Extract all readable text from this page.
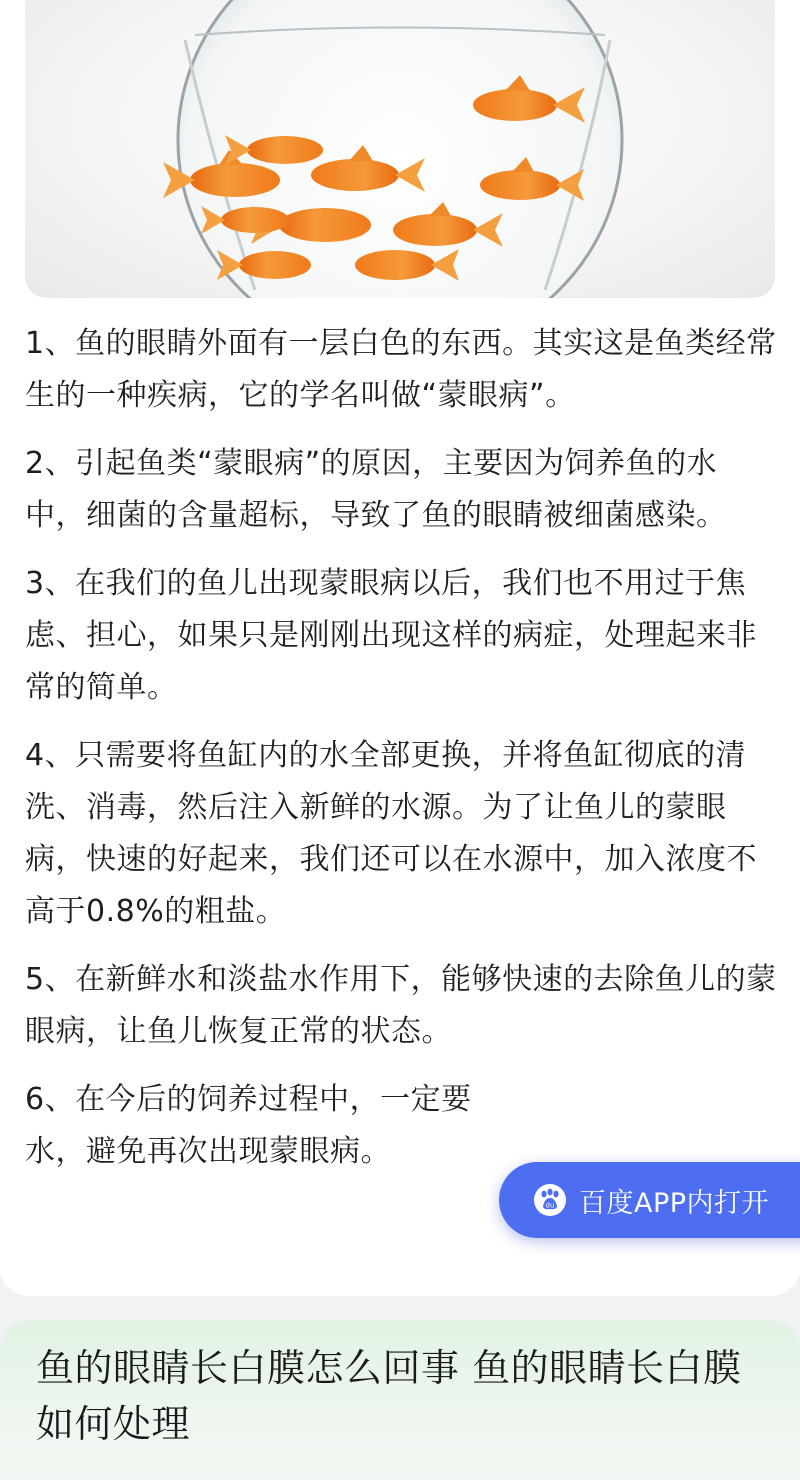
1、鱼的眼睛外面有一层白色的东西。其实这是鱼类经常生的一种疾病，它的学名叫做“蒙眼病”。

2、引起鱼类“蒙眼病”的原因，主要因为饲养鱼的水中，细菌的含量超标，导致了鱼的眼睛被细菌感染。

3、在我们的鱼儿出现蒙眼病以后，我们也不用过于焦虑、担心，如果只是刚刚出现这样的病症，处理起来非常的简单。

4、只需要将鱼缸内的水全部更换，并将鱼缸彻底的清洗、消毒，然后注入新鲜的水源。为了让鱼儿的蒙眼病，快速的好起来，我们还可以在水源中，加入浓度不高于0.8%的粗盐。

5、在新鲜水和淡盐水作用下，能够快速的去除鱼儿的蒙眼病，让鱼儿恢复正常的状态。

6、在今后的饲养过程中，一定要
水，避免再次出现蒙眼病。

du 百度APP内打开
鱼的眼睛长白膜怎么回事 鱼的眼睛长白膜如何处理
